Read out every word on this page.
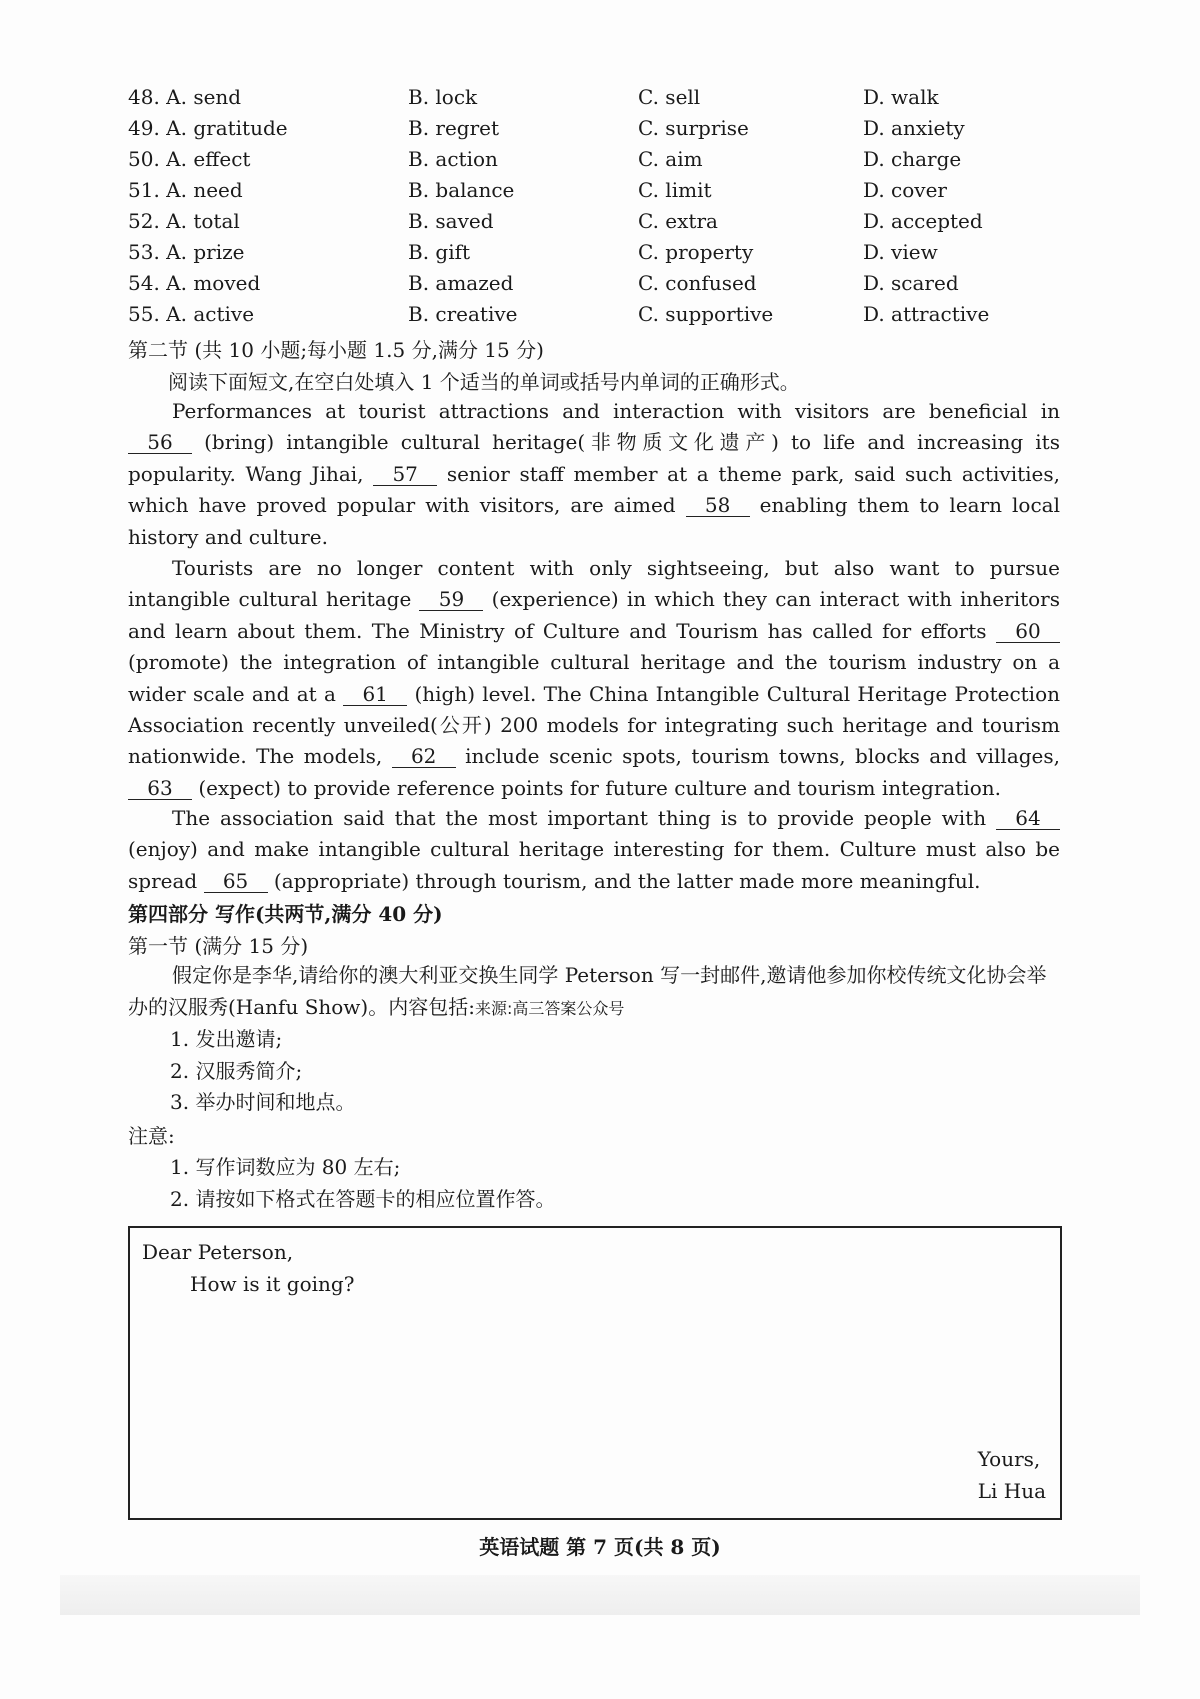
48. A. send	B. lock	C. sell	D. walk
49. A. gratitude	B. regret	C. surprise	D. anxiety
50. A. effect	B. action	C. aim	D. charge
51. A. need	B. balance	C. limit	D. cover
52. A. total	B. saved	C. extra	D. accepted
53. A. prize	B. gift	C. property	D. view
54. A. moved	B. amazed	C. confused	D. scared
55. A. active	B. creative	C. supportive	D. attractive
第二节 (共 10 小题;每小题 1.5 分,满分 15 分)
阅读下面短文,在空白处填入 1 个适当的单词或括号内单词的正确形式。
Performances at tourist attractions and interaction with visitors are beneficial in 56 (bring) intangible cultural heritage(非物质文化遗产) to life and increasing its popularity. Wang Jihai, 57 senior staff member at a theme park, said such activities, which have proved popular with visitors, are aimed 58 enabling them to learn local history and culture.
Tourists are no longer content with only sightseeing, but also want to pursue intangible cultural heritage 59 (experience) in which they can interact with inheritors and learn about them. The Ministry of Culture and Tourism has called for efforts 60 (promote) the integration of intangible cultural heritage and the tourism industry on a wider scale and at a 61 (high) level. The China Intangible Cultural Heritage Protection Association recently unveiled(公开) 200 models for integrating such heritage and tourism nationwide. The models, 62 include scenic spots, tourism towns, blocks and villages, 63 (expect) to provide reference points for future culture and tourism integration.
The association said that the most important thing is to provide people with 64 (enjoy) and make intangible cultural heritage interesting for them. Culture must also be spread 65 (appropriate) through tourism, and the latter made more meaningful.
第四部分 写作(共两节,满分 40 分)
第一节 (满分 15 分)
假定你是李华,请给你的澳大利亚交换生同学 Peterson 写一封邮件,邀请他参加你校传统文化协会举办的汉服秀(Hanfu Show)。内容包括:来源:高三答案公众号
1. 发出邀请;
2. 汉服秀简介;
3. 举办时间和地点。
注意:
1. 写作词数应为 80 左右;
2. 请按如下格式在答题卡的相应位置作答。
Dear Peterson,
How is it going?
Yours,
Li Hua
英语试题 第 7 页(共 8 页)
